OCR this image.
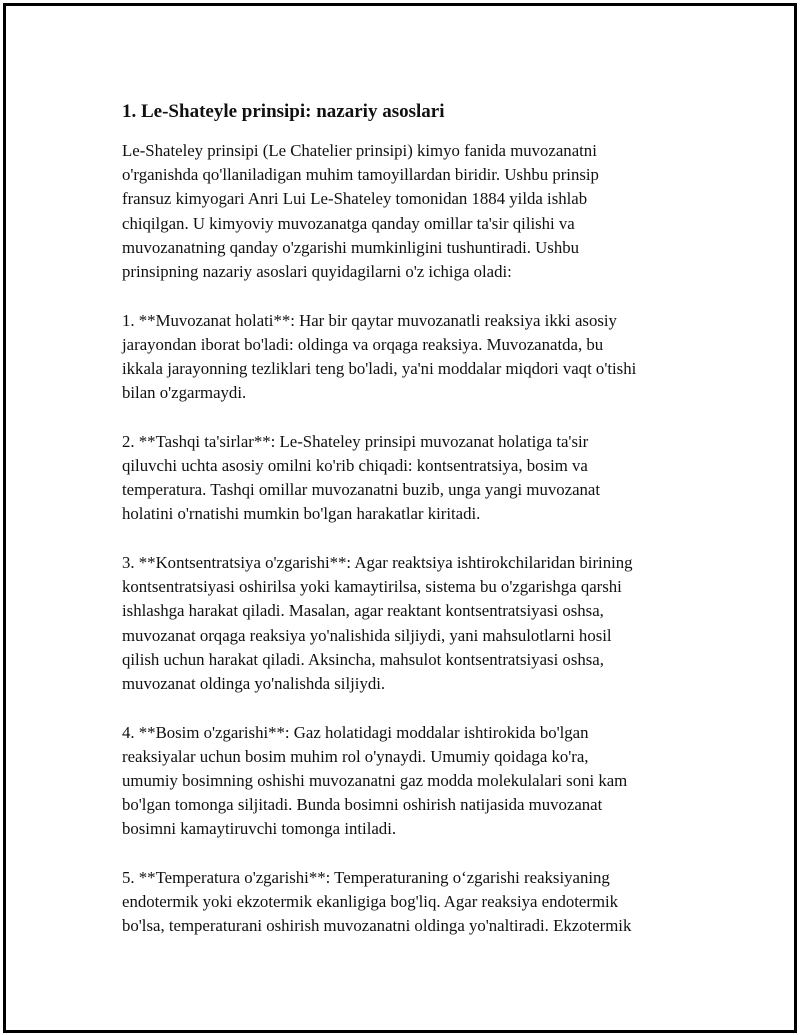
1. Le-Shateyle prinsipi: nazariy asoslari
Le-Shateley prinsipi (Le Chatelier prinsipi) kimyo fanida muvozanatni
o'rganishda qo'llaniladigan muhim tamoyillardan biridir. Ushbu prinsip
fransuz kimyogari Anri Lui Le-Shateley tomonidan 1884 yilda ishlab
chiqilgan. U kimyoviy muvozanatga qanday omillar ta'sir qilishi va
muvozanatning qanday o'zgarishi mumkinligini tushuntiradi. Ushbu
prinsipning nazariy asoslari quyidagilarni o'z ichiga oladi:
1. **Muvozanat holati**: Har bir qaytar muvozanatli reaksiya ikki asosiy
jarayondan iborat bo'ladi: oldinga va orqaga reaksiya. Muvozanatda, bu
ikkala jarayonning tezliklari teng bo'ladi, ya'ni moddalar miqdori vaqt o'tishi
bilan o'zgarmaydi.
2. **Tashqi ta'sirlar**: Le-Shateley prinsipi muvozanat holatiga ta'sir
qiluvchi uchta asosiy omilni ko'rib chiqadi: kontsentratsiya, bosim va
temperatura. Tashqi omillar muvozanatni buzib, unga yangi muvozanat
holatini o'rnatishi mumkin bo'lgan harakatlar kiritadi.
3. **Kontsentratsiya o'zgarishi**: Agar reaktsiya ishtirokchilaridan birining
kontsentratsiyasi oshirilsa yoki kamaytirilsa, sistema bu o'zgarishga qarshi
ishlashga harakat qiladi. Masalan, agar reaktant kontsentratsiyasi oshsa,
muvozanat orqaga reaksiya yo'nalishida siljiydi, yani mahsulotlarni hosil
qilish uchun harakat qiladi. Aksincha, mahsulot kontsentratsiyasi oshsa,
muvozanat oldinga yo'nalishda siljiydi.
4. **Bosim o'zgarishi**: Gaz holatidagi moddalar ishtirokida bo'lgan
reaksiyalar uchun bosim muhim rol o'ynaydi. Umumiy qoidaga ko'ra,
umumiy bosimning oshishi muvozanatni gaz modda molekulalari soni kam
bo'lgan tomonga siljitadi. Bunda bosimni oshirish natijasida muvozanat
bosimni kamaytiruvchi tomonga intiladi.
5. **Temperatura o'zgarishi**: Temperaturaning o‘zgarishi reaksiyaning
endotermik yoki ekzotermik ekanligiga bog'liq. Agar reaksiya endotermik
bo'lsa, temperaturani oshirish muvozanatni oldinga yo'naltiradi. Ekzotermik
